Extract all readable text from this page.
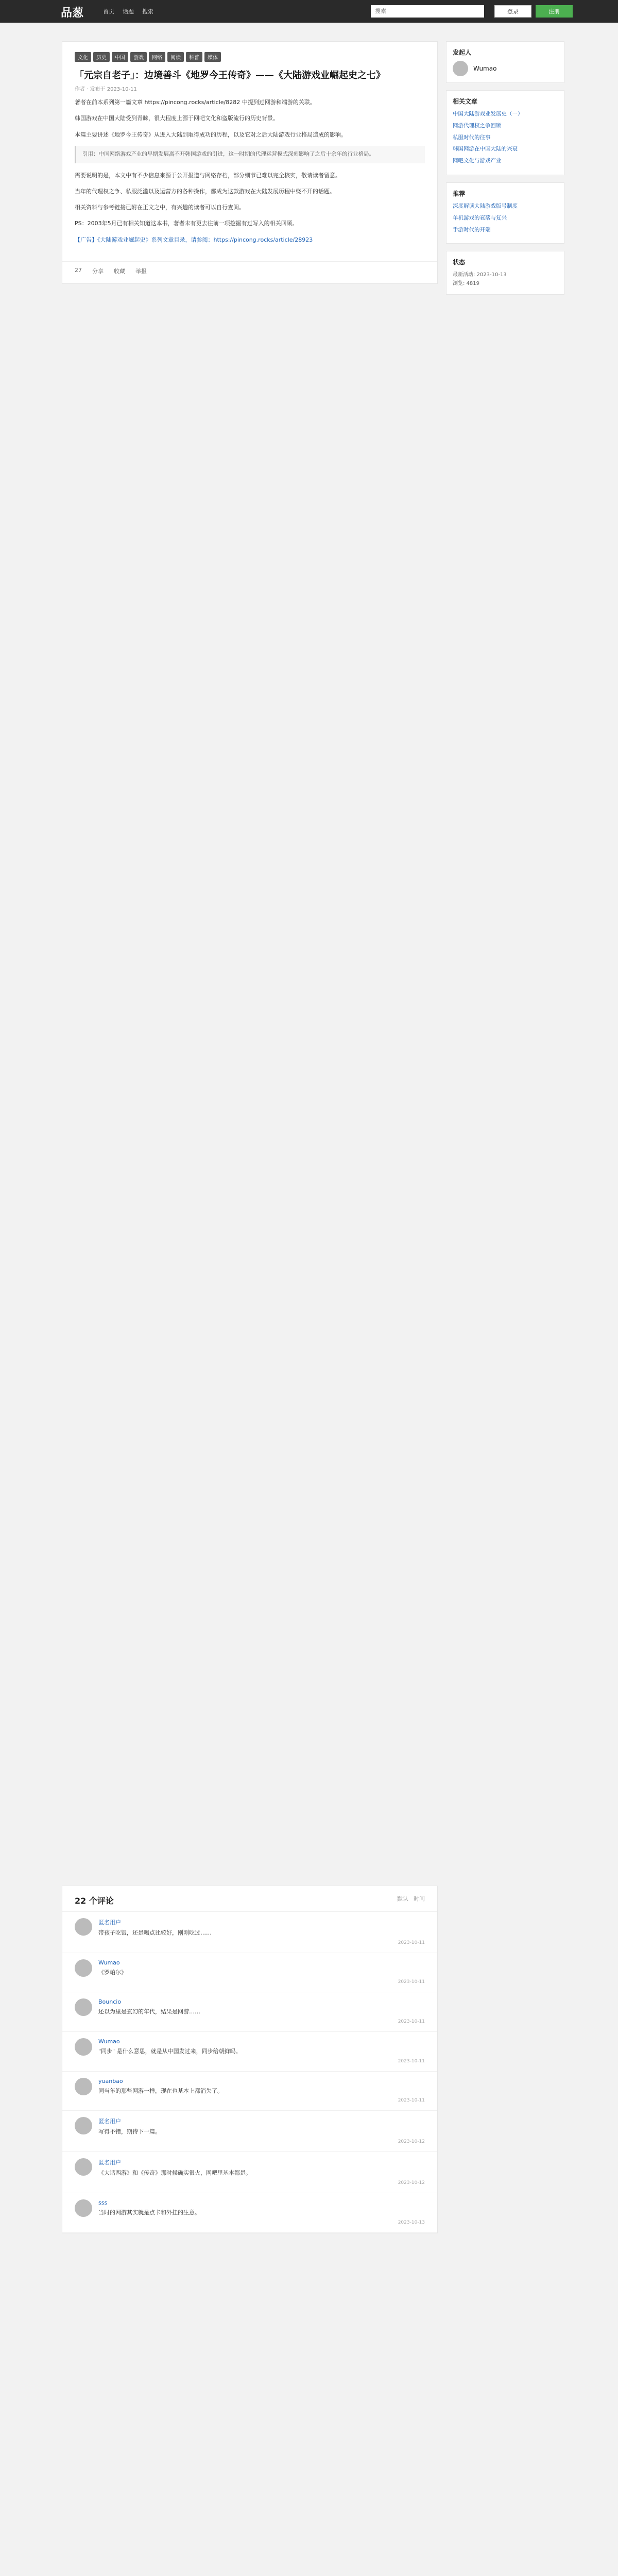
品葱	首页 话题 搜索
搜索	登录	注册
文化	历史	中国	游戏	网络	阅读	科普	媒体
「元宗自老子」：边境善斗《地罗今王传奇》——《大陆游戏业崛起史之七》
作者 · 发布于 2023-10-11

著者在前本系列第一篇文章 https://pincong.rocks/article/8282 中提到过网游和端游的关联。

韩国游戏在中国大陆受到青睐，很大程度上源于网吧文化和盗版流行的历史背景。

本篇主要讲述《地罗今王传奇》从进入大陆到取得成功的历程，以及它对之后大陆游戏行业格局造成的影响。

引用：中国网络游戏产业的早期发展离不开韩国游戏的引进，这一时期的代理运营模式深刻影响了之后十余年的行业格局。

需要说明的是，本文中有不少信息来源于公开报道与网络存档，部分细节已难以完全核实，敬请读者留意。

当年的代理权之争、私服泛滥以及运营方的各种操作，都成为这款游戏在大陆发展历程中绕不开的话题。

相关资料与参考链接已附在正文之中，有兴趣的读者可以自行查阅。

PS：2003年5月已有相关知道这本书，著者未有更去往前一项挖掘有过写入的相关回顾。

【广告】《大陆游戏业崛起史》系列文章目录，请参阅：https://pincong.rocks/article/28923

27 分享 收藏 举报
22 个评论	默认 时间
匿名用户
带孩子吃饭，还是喝点比较好，刚刚吃过……
2023-10-11
Wumao
《罗帕尔》
2023-10-11
Bouncio
还以为里是玄幻的年代，结果是网游……
2023-10-11
Wumao
"同步" 是什么意思，就是从中国发过来，同步给朝鲜吗。
2023-10-11
yuanbao
同当年的那些网游一样，现在也基本上都消失了。
2023-10-11
匿名用户
写得不错，期待下一篇。
2023-10-12
匿名用户
《大话西游》和《传奇》那时候确实很火，网吧里基本都是。
2023-10-12
sss
当时的网游其实就是点卡和外挂的生意。
2023-10-13
发起人
Wumao
相关文章
中国大陆游戏业发展史（一）
网游代理权之争回顾
私服时代的往事
韩国网游在中国大陆的兴衰
网吧文化与游戏产业
推荐
深度解读大陆游戏版号制度
单机游戏的衰落与复兴
手游时代的开端
状态
最新活动: 2023-10-13
浏览: 4819
